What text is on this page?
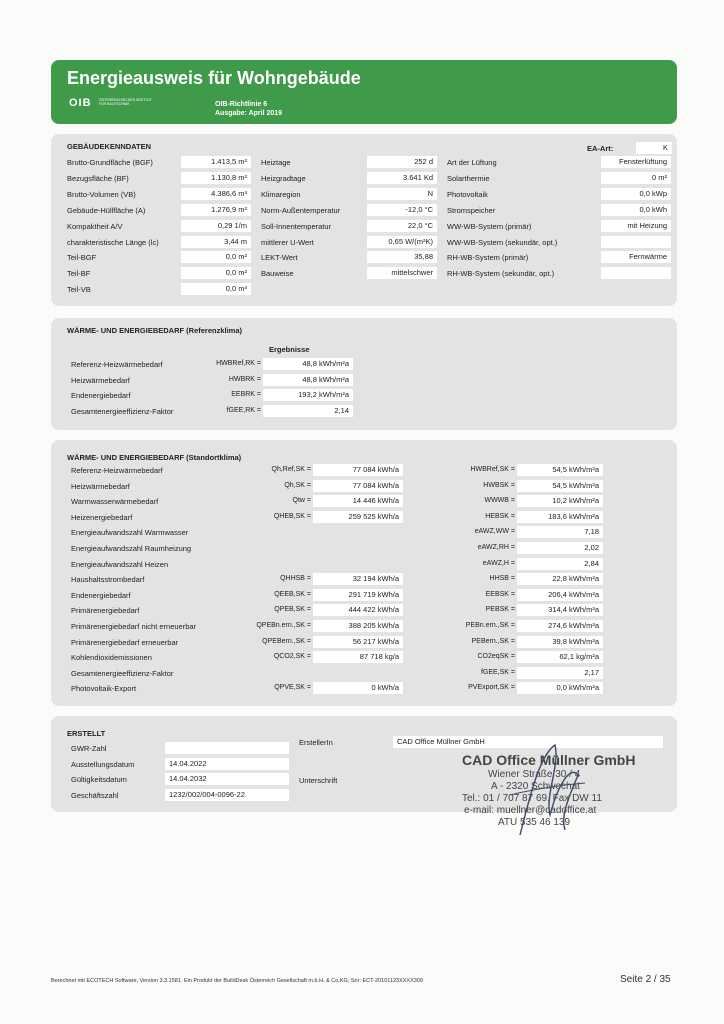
Energieausweis für Wohngebäude
OIB ÖSTERREICHISCHES INSTITUT FÜR BAUTECHNIK	OIB-Richtlinie 6
Ausgabe: April 2019
GEBÄUDEKENNDATEN	EA-Art:	K
Brutto-Grundfläche (BGF)	1.413,5 m²
Bezugsfläche (BF)	1.130,8 m²
Brutto-Volumen (VB)	4.386,6 m³
Gebäude-Hüllfläche (A)	1.276,9 m²
Kompaktheit A/V	0,29 1/m
charakteristische Länge (lc)	3,44 m
Teil-BGF	0,0 m²
Teil-BF	0,0 m²
Teil-VB	0,0 m³
Heiztage	252 d
Heizgradtage	3.641 Kd
Klimaregion	N
Norm-Außentemperatur	-12,0 °C
Soll-Innentemperatur	22,0 °C
mittlerer U-Wert	0,65 W/(m²K)
LEKT-Wert	35,88
Bauweise	mittelschwer
Art der Lüftung	Fensterlüftung
Solarthermie	0 m²
Photovoltaik	0,0 kWp
Stromspeicher	0,0 kWh
WW-WB-System (primär)	mit Heizung
WW-WB-System (sekundär, opt.)
RH-WB-System (primär)	Fernwärme
RH-WB-System (sekundär, opt.)
WÄRME- UND ENERGIEBEDARF (Referenzklima)
Ergebnisse
Referenz-Heizwärmebedarf	HWBRef,RK =	48,8 kWh/m²a
Heizwärmebedarf	HWBRK =	48,8 kWh/m²a
Endenergiebedarf	EEBRK =	193,2 kWh/m²a
Gesamtenergieeffizienz-Faktor	fGEE,RK =	2,14
WÄRME- UND ENERGIEBEDARF (Standortklima)
Referenz-Heizwärmebedarf	Qh,Ref,SK =	77 084 kWh/a	HWBRef,SK =	54,5 kWh/m²a
Heizwärmebedarf	Qh,SK =	77 084 kWh/a	HWBSK =	54,5 kWh/m²a
Warmwasserwärmebedarf	Qtw =	14 446 kWh/a	WWWB =	10,2 kWh/m²a
Heizenergiebedarf	QHEB,SK =	259 525 kWh/a	HEBSK =	183,6 kWh/m²a
Energieaufwandszahl Warmwasser	eAWZ,WW =	7,18
Energieaufwandszahl Raumheizung	eAWZ,RH =	2,02
Energieaufwandszahl Heizen	eAWZ,H =	2,84
Haushaltsstrombedarf	QHHSB =	32 194 kWh/a	HHSB =	22,8 kWh/m²a
Endenergiebedarf	QEEB,SK =	291 719 kWh/a	EEBSK =	206,4 kWh/m²a
Primärenergiebedarf	QPEB,SK =	444 422 kWh/a	PEBSK =	314,4 kWh/m²a
Primärenergiebedarf nicht erneuerbar	QPEBn.ern.,SK =	388 205 kWh/a	PEBn.ern.,SK =	274,6 kWh/m²a
Primärenergiebedarf erneuerbar	QPEBern.,SK =	56 217 kWh/a	PEBern.,SK =	39,8 kWh/m²a
Kohlendioxidemissionen	QCO2,SK =	87 718 kg/a	CO2eqSK =	62,1 kg/m²a
Gesamtenergieeffizienz-Faktor	fGEE,SK =	2,17
Photovoltaik-Export	QPVE,SK =	0 kWh/a	PVExport,SK =	0,0 kWh/m²a
ERSTELLT
GWR-Zahl
Ausstellungsdatum	14.04.2022
Gültigkeitsdatum	14.04.2032
Geschäftszahl	1232/002/004-0096-22
ErstellerIn	CAD Office Müllner GmbH
Unterschrift
CAD Office Müllner GmbH
Wiener Straße 30 / 4
A - 2320 Schwechat
Tel.: 01 / 707 87 69, Fax DW 11
e-mail: muellner@cadoffice.at
ATU 535 46 139
Berechnet mit ECOTECH Software, Version 3.3.1581. Ein Produkt der BuildDesk Österreich Gesellschaft m.b.H. & Co.KG; Snr: ECT-20101123XXXX309	Seite 2 / 35
